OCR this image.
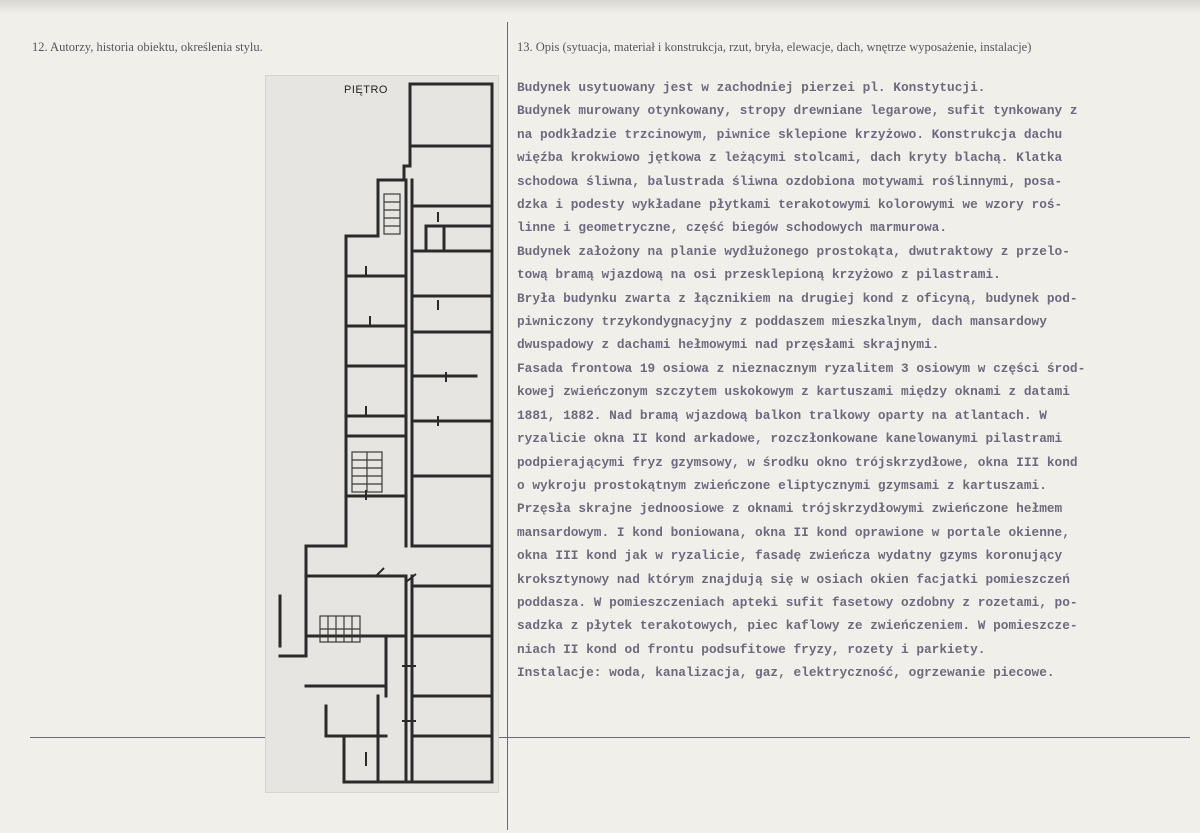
12. Autorzy, historia obiektu, określenia stylu.	13. Opis (sytuacja, materiał i konstrukcja, rzut, bryła, elewacje, dach, wnętrze wyposażenie, instalacje)
PIĘTRO	Budynek usytuowany jest w zachodniej pierzei pl. Konstytucji.
Budynek murowany otynkowany, stropy drewniane legarowe, sufit tynkowany z
na podkładzie trzcinowym, piwnice sklepione krzyżowo. Konstrukcja dachu
więźba krokwiowo jętkowa z leżącymi stolcami, dach kryty blachą. Klatka
schodowa śliwna, balustrada śliwna ozdobiona motywami roślinnymi, posa-
dzka i podesty wykładane płytkami terakotowymi kolorowymi we wzory roś-
linne i geometryczne, część biegów schodowych marmurowa.
Budynek założony na planie wydłużonego prostokąta, dwutraktowy z przelo-
tową bramą wjazdową na osi przesklepioną krzyżowo z pilastrami.
Bryła budynku zwarta z łącznikiem na drugiej kond z oficyną, budynek pod-
piwniczony trzykondygnacyjny z poddaszem mieszkalnym, dach mansardowy
dwuspadowy z dachami hełmowymi nad przęsłami skrajnymi.
Fasada frontowa 19 osiowa z nieznacznym ryzalitem 3 osiowym w części środ-
kowej zwieńczonym szczytem uskokowym z kartuszami między oknami z datami
1881, 1882. Nad bramą wjazdową balkon tralkowy oparty na atlantach. W
ryzalicie okna II kond arkadowe, rozczłonkowane kanelowanymi pilastrami
podpierającymi fryz gzymsowy, w środku okno trójskrzydłowe, okna III kond
o wykroju prostokątnym zwieńczone eliptycznymi gzymsami z kartuszami.
Przęsła skrajne jednoosiowe z oknami trójskrzydłowymi zwieńczone hełmem
mansardowym. I kond boniowana, okna II kond oprawione w portale okienne,
okna III kond jak w ryzalicie, fasadę zwieńcza wydatny gzyms koronujący
kroksztynowy nad którym znajdują się w osiach okien facjatki pomieszczeń
poddasza. W pomieszczeniach apteki sufit fasetowy ozdobny z rozetami, po-
sadzka z płytek terakotowych, piec kaflowy ze zwieńczeniem. W pomieszcze-
niach II kond od frontu podsufitowe fryzy, rozety i parkiety.
Instalacje: woda, kanalizacja, gaz, elektryczność, ogrzewanie piecowe.
